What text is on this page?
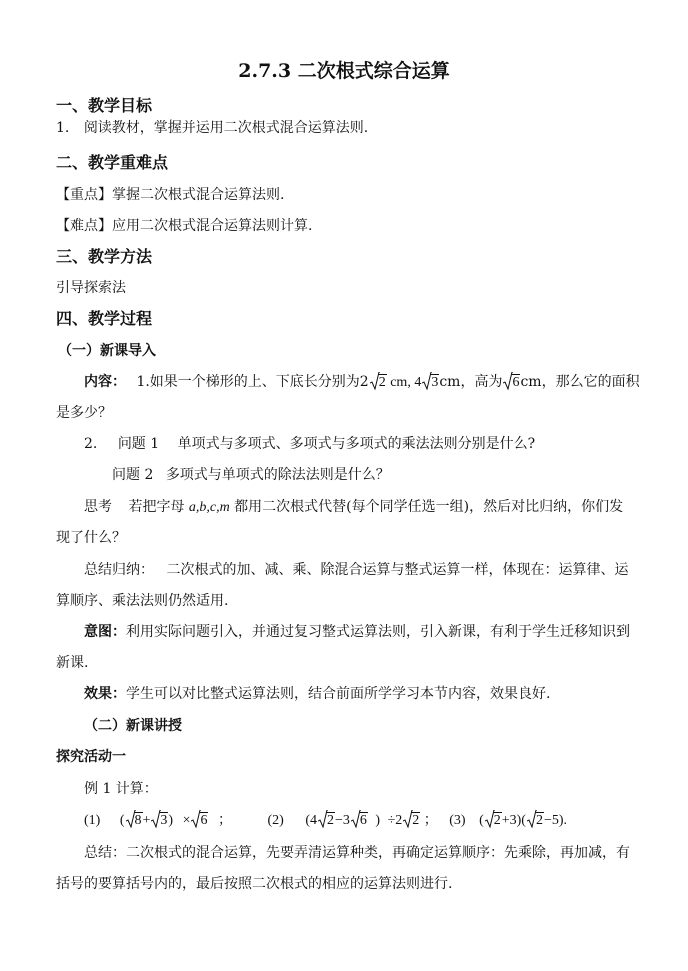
2.7.3 二次根式综合运算
一、教学目标
1. 阅读教材，掌握并运用二次根式混合运算法则.
二、教学重难点
【重点】掌握二次根式混合运算法则.
【难点】应用二次根式混合运算法则计算.
三、教学方法
引导探索法
四、教学过程
（一）新课导入
内容： 1.如果一个梯形的上、下底长分别为2 2 cm, 4 3cm，高为 6cm，那么它的面积
是多少？
2. 问题 1 单项式与多项式、多项式与多项式的乘法法则分别是什么?
问题 2 多项式与单项式的除法法则是什么？
思考 若把字母 a,b,c,m 都用二次根式代替(每个同学任选一组)，然后对比归纳，你们发
现了什么？
总结归纳： 二次根式的加、减、乘、除混合运算与整式运算一样，体现在：运算律、运
算顺序、乘法法则仍然适用.
意图：利用实际问题引入，并通过复习整式运算法则，引入新课，有利于学生迁移知识到
新课.
效果：学生可以对比整式运算法则，结合前面所学学习本节内容，效果良好.
（二）新课讲授
探究活动一
例 1 计算：
(1) ( 8+ 3) × 6 ；	(2) (4 2−3 6 ) ÷2 2 ； (3) ( 2+3)( 2−5).
总结：二次根式的混合运算，先要弄清运算种类，再确定运算顺序：先乘除，再加减，有
括号的要算括号内的，最后按照二次根式的相应的运算法则进行.
